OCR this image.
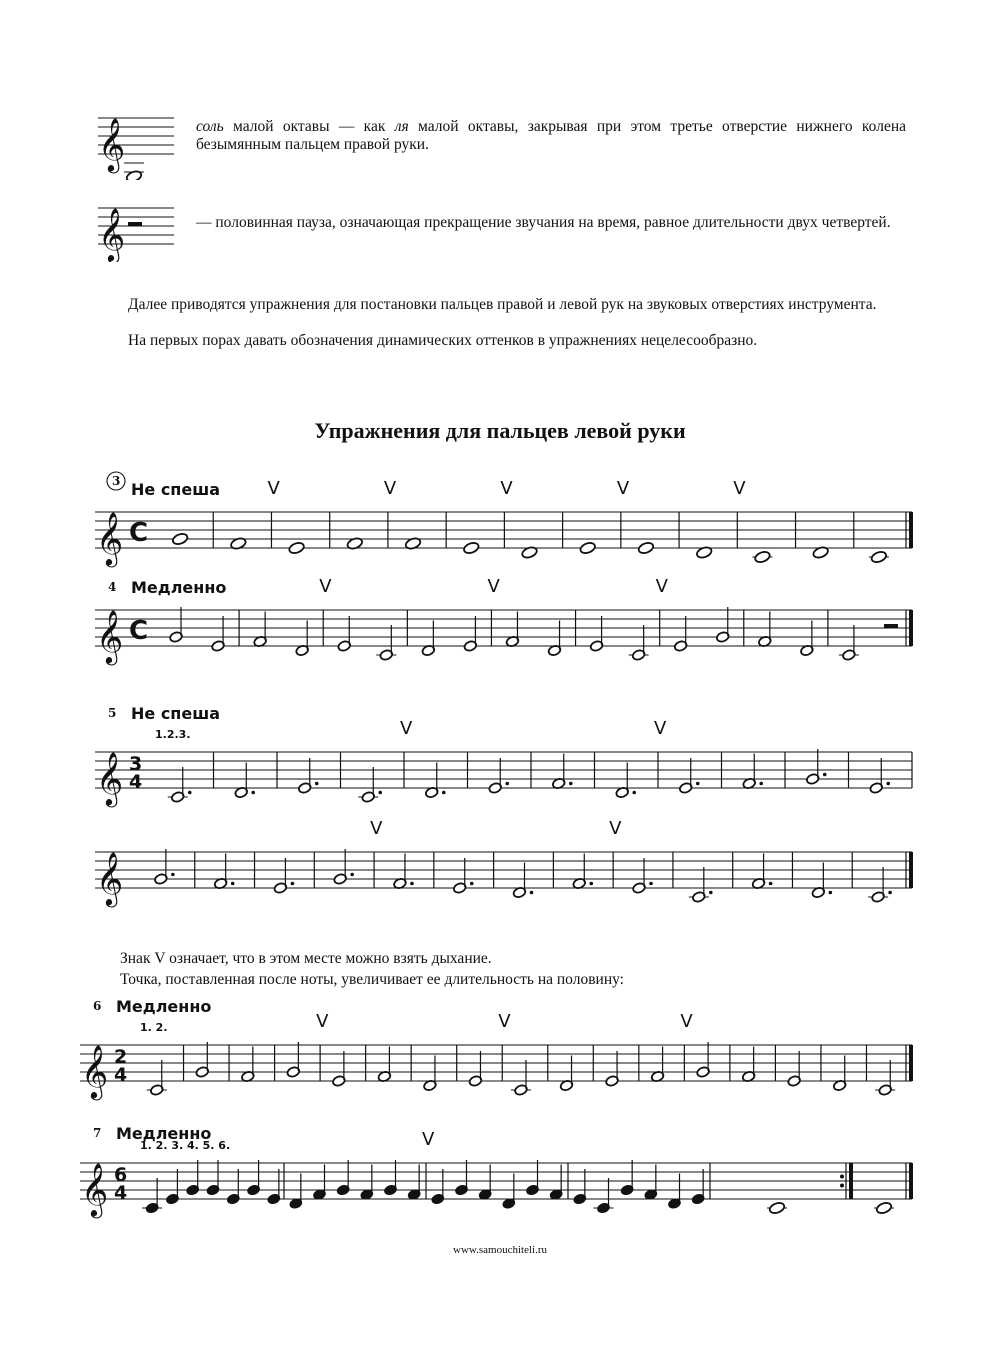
𝄞	соль малой октавы — как ля малой октавы, закрывая при этом третье отверстие нижнего колена безымянным пальцем правой руки.
𝄞	— половинная пауза, означающая прекращение звучания на время, равное длительности двух четвертей.
Далее приводятся упражнения для постановки пальцев правой и левой рук на звуковых отверстиях инструмента.
На первых порах давать обозначения динамических оттенков в упражнениях нецелесообразно.
Упражнения для пальцев левой руки
𝄞 C
3 Не спеша	V	V	V	V	V
𝄞 C
4 Медленно	V	V	V
𝄞 3
4
5 Не спеша
1.2.3.	V	V
𝄞
V	V
𝄞 2
4
6 Медленно
1. 2.	V	V	V
𝄞 6
4
7 Медленно
1. 2. 3. 4. 5. 6.	V
Знак V означает, что в этом месте можно взять дыхание.
Точка, поставленная после ноты, увеличивает ее длительность на половину:
www.samouchiteli.ru
